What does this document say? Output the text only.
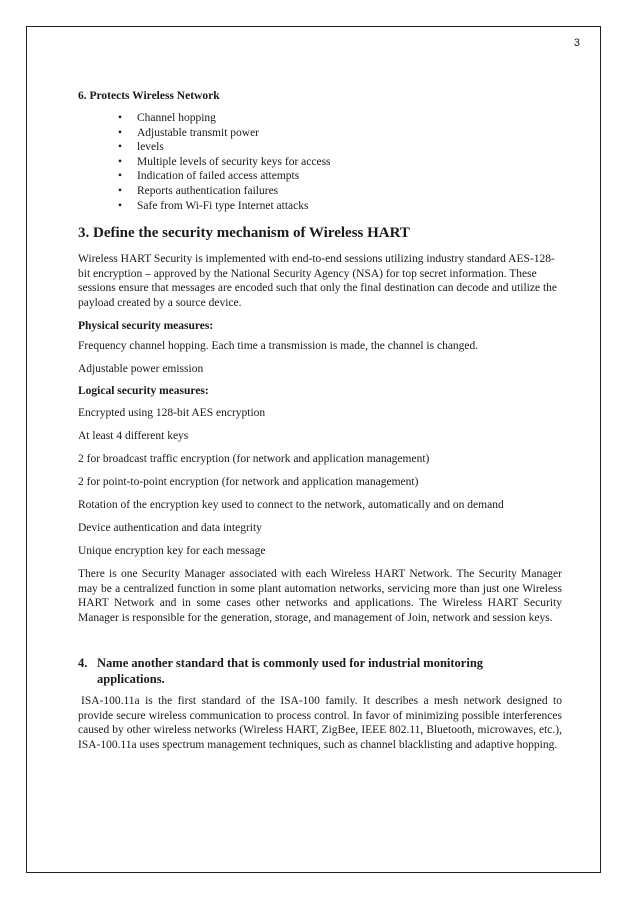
3
6. Protects Wireless Network
• Channel hopping
• Adjustable transmit power
• levels
• Multiple levels of security keys for access
• Indication of failed access attempts
• Reports authentication failures
• Safe from Wi-Fi type Internet attacks
3. Define the security mechanism of Wireless HART

Wireless HART Security is implemented with end-to-end sessions utilizing industry standard AES-128- bit encryption – approved by the National Security Agency (NSA) for top secret information. These sessions ensure that messages are encoded such that only the final destination can decode and utilize the payload created by a source device.

Physical security measures:

Frequency channel hopping. Each time a transmission is made, the channel is changed.

Adjustable power emission

Logical security measures:

Encrypted using 128-bit AES encryption

At least 4 different keys

2 for broadcast traffic encryption (for network and application management)

2 for point-to-point encryption (for network and application management)

Rotation of the encryption key used to connect to the network, automatically and on demand

Device authentication and data integrity

Unique encryption key for each message

There is one Security Manager associated with each Wireless HART Network. The Security Manager may be a centralized function in some plant automation networks, servicing more than just one Wireless HART Network and in some cases other networks and applications. The Wireless HART Security Manager is responsible for the generation, storage, and management of Join, network and session keys.

4. Name another standard that is commonly used for industrial monitoring
applications.

ISA-100.11a is the first standard of the ISA-100 family. It describes a mesh network designed to provide secure wireless communication to process control. In favor of minimizing possible interferences caused by other wireless networks (Wireless HART, ZigBee, IEEE 802.11, Bluetooth, microwaves, etc.), ISA-100.11a uses spectrum management techniques, such as channel blacklisting and adaptive hopping.
